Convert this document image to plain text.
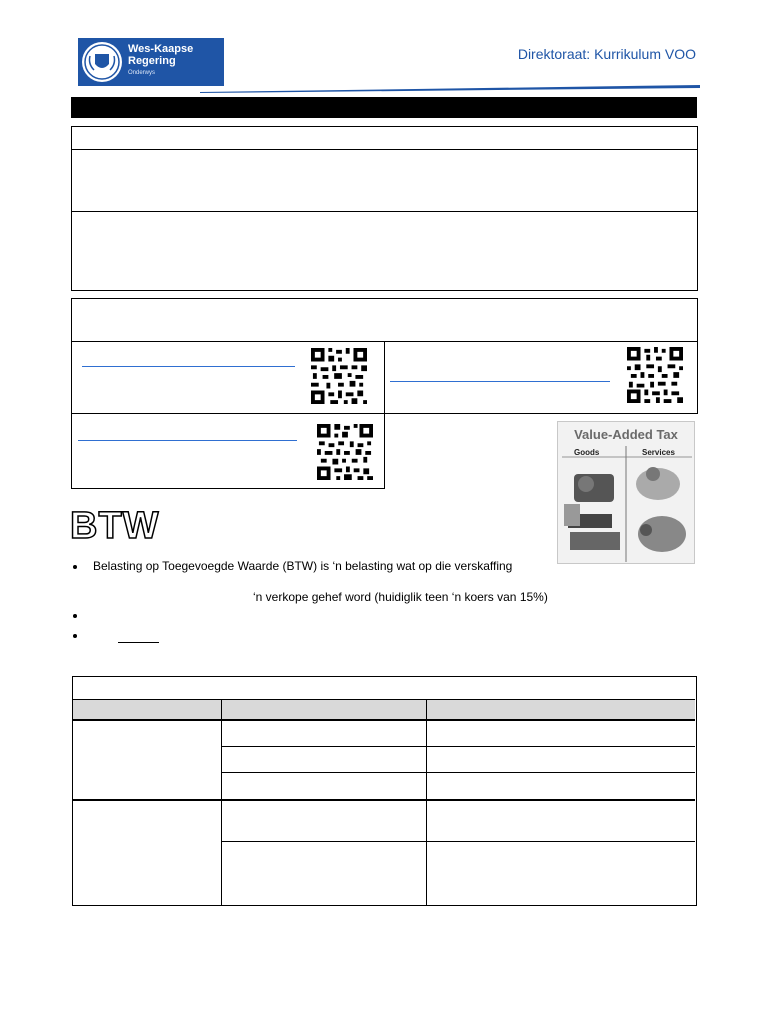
Wes-Kaapse
Regering
Onderwys
Direktoraat: Kurrikulum VOO
Value-Added Tax
Goods	Services
BTW
Belasting op Toegevoegde Waarde (BTW) is ‘n belasting wat op die verskaffing
‘n verkope gehef word (huidiglik teen ‘n koers van 15%)
